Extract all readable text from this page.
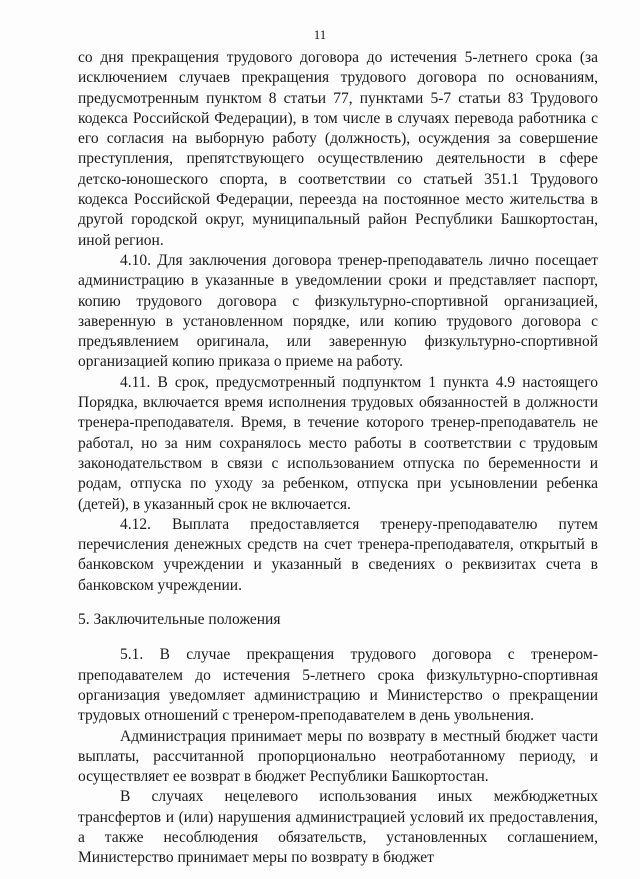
11

со дня прекращения трудового договора до истечения 5-летнего срока (за исключением случаев прекращения трудового договора по основаниям, предусмотренным пунктом 8 статьи 77, пунктами 5-7 статьи 83 Трудового кодекса Российской Федерации), в том числе в случаях перевода работника с его согласия на выборную работу (должность), осуждения за совершение преступления, препятствующего осуществлению деятельности в сфере детско-юношеского спорта, в соответствии со статьей 351.1 Трудового кодекса Российской Федерации, переезда на постоянное место жительства в другой городской округ, муниципальный район Республики Башкортостан, иной регион.

4.10. Для заключения договора тренер-преподаватель лично посещает администрацию в указанные в уведомлении сроки и представляет паспорт, копию трудового договора с физкультурно-спортивной организацией, заверенную в установленном порядке, или копию трудового договора с предъявлением оригинала, или заверенную физкультурно-спортивной организацией копию приказа о приеме на работу.

4.11. В срок, предусмотренный подпунктом 1 пункта 4.9 настоящего Порядка, включается время исполнения трудовых обязанностей в должности тренера-преподавателя. Время, в течение которого тренер-преподаватель не работал, но за ним сохранялось место работы в соответствии с трудовым законодательством в связи с использованием отпуска по беременности и родам, отпуска по уходу за ребенком, отпуска при усыновлении ребенка (детей), в указанный срок не включается.

4.12. Выплата предоставляется тренеру-преподавателю путем перечисления денежных средств на счет тренера-преподавателя, открытый в банковском учреждении и указанный в сведениях о реквизитах счета в банковском учреждении.

5. Заключительные положения

5.1. В случае прекращения трудового договора с тренером-преподавателем до истечения 5-летнего срока физкультурно-спортивная организация уведомляет администрацию и Министерство о прекращении трудовых отношений с тренером-преподавателем в день увольнения.

Администрация принимает меры по возврату в местный бюджет части выплаты, рассчитанной пропорционально неотработанному периоду, и осуществляет ее возврат в бюджет Республики Башкортостан.

В случаях нецелевого использования иных межбюджетных трансфертов и (или) нарушения администрацией условий их предоставления, а также несоблюдения обязательств, установленных соглашением, Министерство принимает меры по возврату в бюджет
